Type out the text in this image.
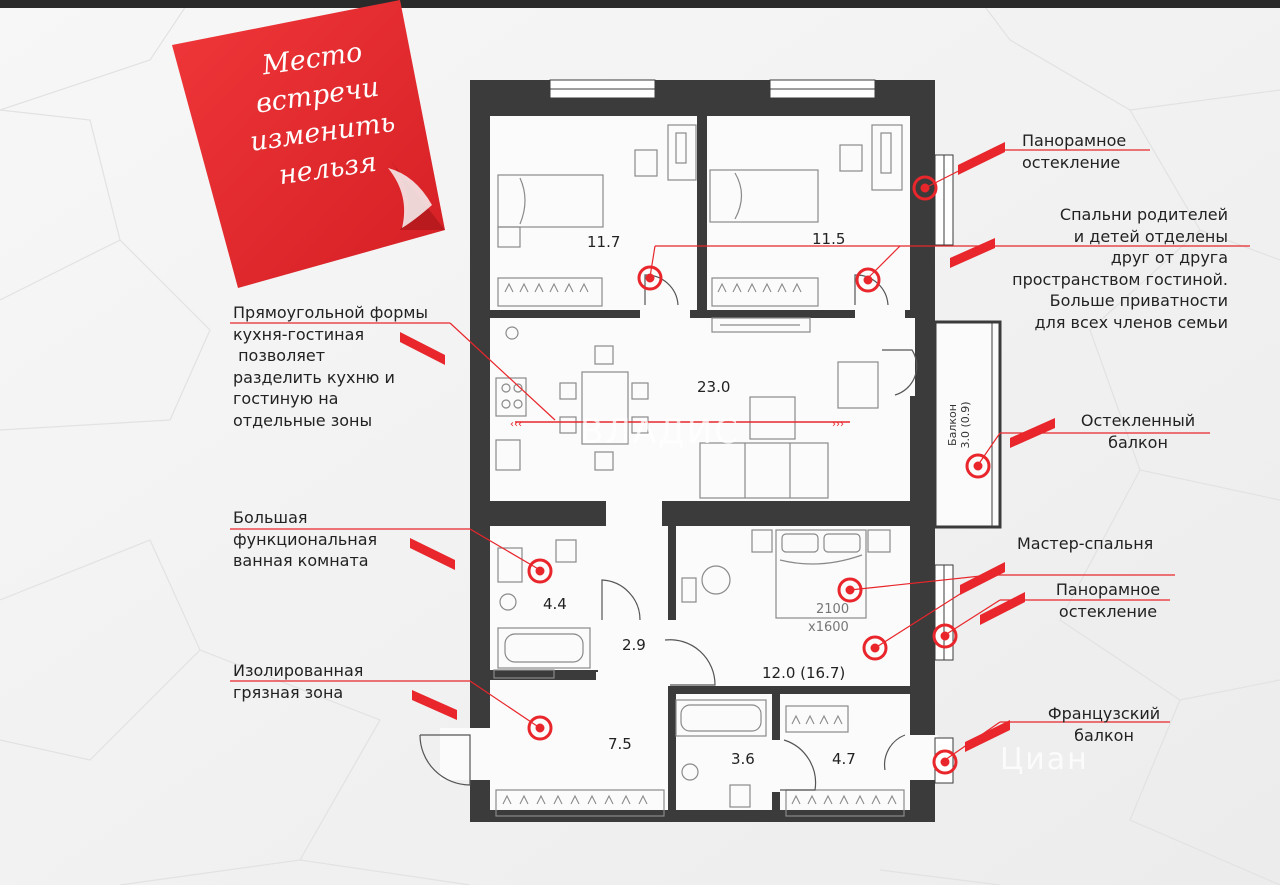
‹‹‹	›››
Место
встречи
изменить
нельзя
11.7	11.5
23.0
4.4
2.9
12.0 (16.7)
7.5
3.6	4.7
2100
x1600
Балкон
3.0 (0.9)
Панорамное
остекление
Спальни родителей
и детей отделены
друг от друга
пространством гостиной.
Больше приватности
для всех членов семьи
Прямоугольной формы
кухня-гостиная
позволяет
разделить кухню и
гостиную на
отдельные зоны	Остекленный
балкон
Большая
функциональная
ванная комната
Мастер-спальня
Панорамное
остекление
Изолированная
грязная зона
Французский
балкон
ВЛАДИС
Циан
